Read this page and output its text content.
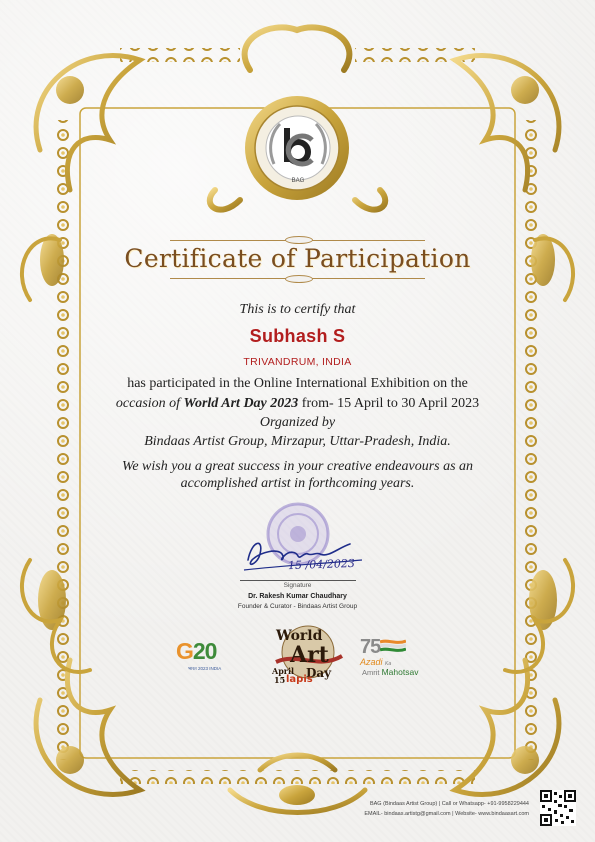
BAG
Certificate of Participation
This is to certify that
Subhash S
TRIVANDRUM, INDIA
has participated in the Online International Exhibition on the
occasion of World Art Day 2023 from- 15 April to 30 April 2023
Organized by
Bindaas Artist Group, Mirzapur, Uttar-Pradesh, India.
We wish you a great success in your creative endeavours as an
accomplished artist in forthcoming years.
15 /04/2023
Signature
Dr. Rakesh Kumar Chaudhary
Founder & Curator - Bindaas Artist Group
G20
भारत 2023 INDIA
World
Art
Day
April
15 lapis
75
Azadi Ka
Amrit Mahotsav
BAG (Bindaas Artist Group) | Call or Whatsapp- +91-9958229444
EMAIL- bindaas.artistg@gmail.com | Website- www.bindaasart.com
